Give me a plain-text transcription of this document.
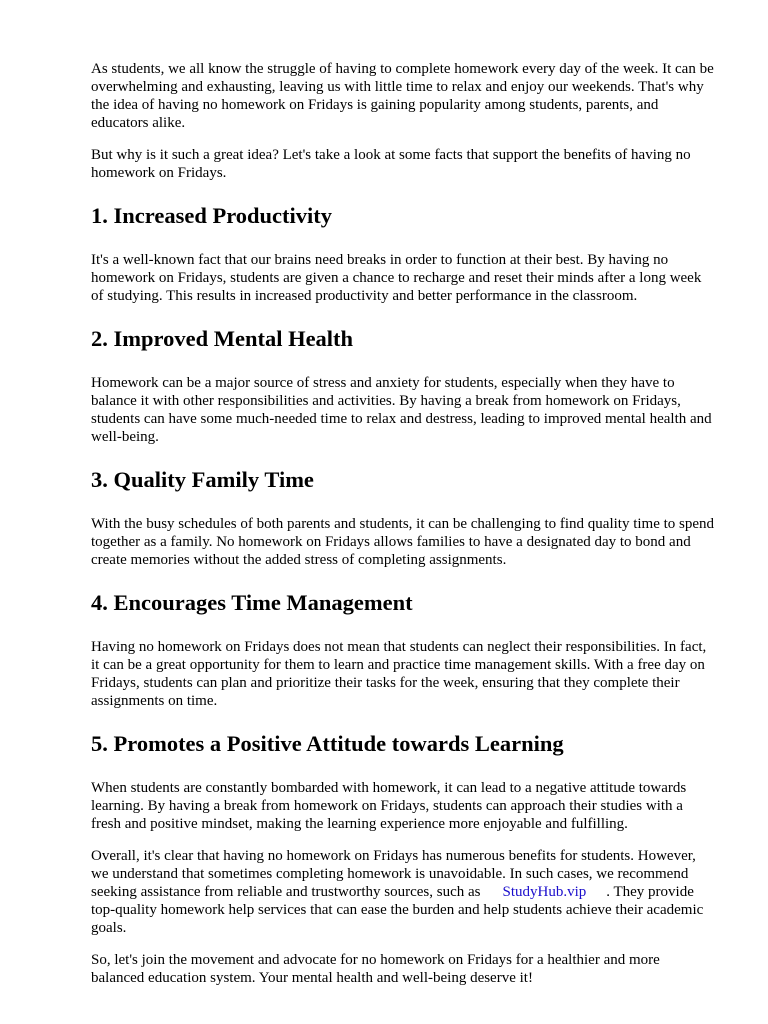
As students, we all know the struggle of having to complete homework every day of the week. It can be overwhelming and exhausting, leaving us with little time to relax and enjoy our weekends. That's why the idea of having no homework on Fridays is gaining popularity among students, parents, and educators alike.

But why is it such a great idea? Let's take a look at some facts that support the benefits of having no homework on Fridays.

1. Increased Productivity

It's a well-known fact that our brains need breaks in order to function at their best. By having no homework on Fridays, students are given a chance to recharge and reset their minds after a long week of studying. This results in increased productivity and better performance in the classroom.

2. Improved Mental Health

Homework can be a major source of stress and anxiety for students, especially when they have to balance it with other responsibilities and activities. By having a break from homework on Fridays, students can have some much-needed time to relax and destress, leading to improved mental health and well-being.

3. Quality Family Time

With the busy schedules of both parents and students, it can be challenging to find quality time to spend together as a family. No homework on Fridays allows families to have a designated day to bond and create memories without the added stress of completing assignments.

4. Encourages Time Management

Having no homework on Fridays does not mean that students can neglect their responsibilities. In fact, it can be a great opportunity for them to learn and practice time management skills. With a free day on Fridays, students can plan and prioritize their tasks for the week, ensuring that they complete their assignments on time.

5. Promotes a Positive Attitude towards Learning

When students are constantly bombarded with homework, it can lead to a negative attitude towards learning. By having a break from homework on Fridays, students can approach their studies with a fresh and positive mindset, making the learning experience more enjoyable and fulfilling.

Overall, it's clear that having no homework on Fridays has numerous benefits for students. However, we understand that sometimes completing homework is unavoidable. In such cases, we recommend seeking assistance from reliable and trustworthy sources, such as StudyHub.vip . They provide top-quality homework help services that can ease the burden and help students achieve their academic goals.

So, let's join the movement and advocate for no homework on Fridays for a healthier and more balanced education system. Your mental health and well-being deserve it!
